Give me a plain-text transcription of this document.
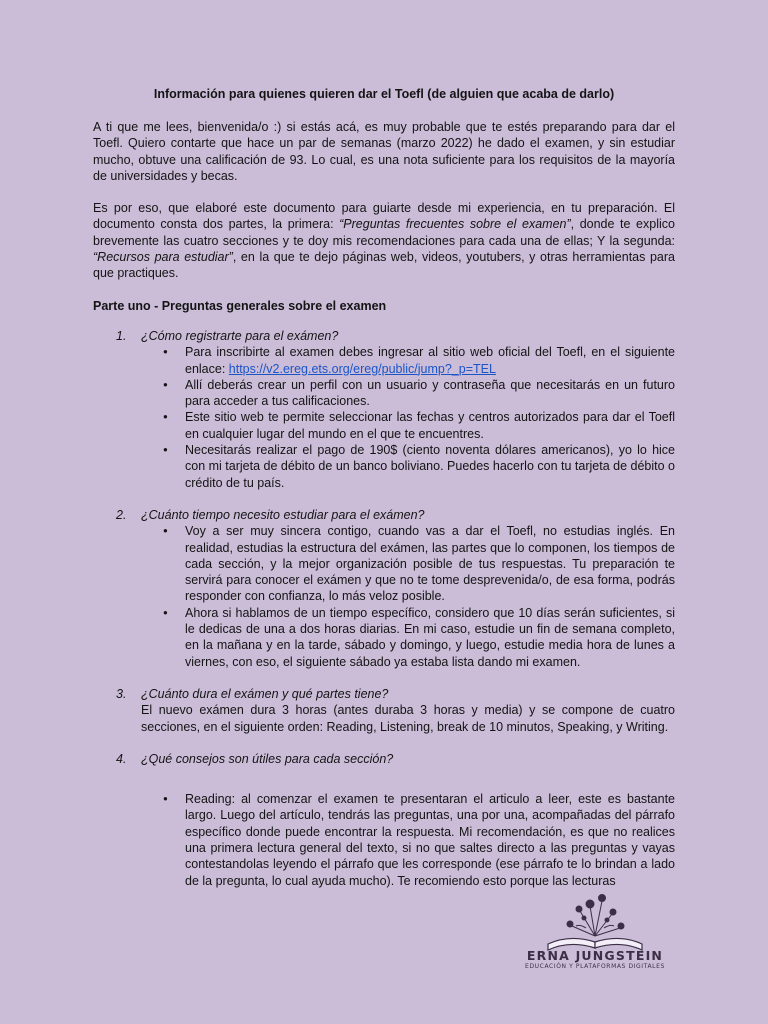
Información para quienes quieren dar el Toefl (de alguien que acaba de darlo)

A ti que me lees, bienvenida/o :) si estás acá, es muy probable que te estés preparando para dar el Toefl. Quiero contarte que hace un par de semanas (marzo 2022) he dado el examen, y sin estudiar mucho, obtuve una calificación de 93. Lo cual, es una nota suficiente para los requisitos de la mayoría de universidades y becas.

Es por eso, que elaboré este documento para guiarte desde mi experiencia, en tu preparación. El documento consta dos partes, la primera: “Preguntas frecuentes sobre el examen”, donde te explico brevemente las cuatro secciones y te doy mis recomendaciones para cada una de ellas; Y la segunda: “Recursos para estudiar”, en la que te dejo páginas web, videos, youtubers, y otras herramientas para que practiques.

Parte uno - Preguntas generales sobre el examen

1.	¿Cómo registrarte para el exámen?
● Para inscribirte al examen debes ingresar al sitio web oficial del Toefl, en el siguiente enlace: https://v2.ereg.ets.org/ereg/public/jump?_p=TEL
● Allí deberás crear un perfil con un usuario y contraseña que necesitarás en un futuro para acceder a tus calificaciones.
● Este sitio web te permite seleccionar las fechas y centros autorizados para dar el Toefl en cualquier lugar del mundo en el que te encuentres.
● Necesitarás realizar el pago de 190$ (ciento noventa dólares americanos), yo lo hice con mi tarjeta de débito de un banco boliviano. Puedes hacerlo con tu tarjeta de débito o crédito de tu país.
2.	¿Cuánto tiempo necesito estudiar para el exámen?
● Voy a ser muy sincera contigo, cuando vas a dar el Toefl, no estudias inglés. En realidad, estudias la estructura del exámen, las partes que lo componen, los tiempos de cada sección, y la mejor organización posible de tus respuestas. Tu preparación te servirá para conocer el exámen y que no te tome desprevenida/o, de esa forma, podrás responder con confianza, lo más veloz posible.
● Ahora si hablamos de un tiempo específico, considero que 10 días serán suficientes, si le dedicas de una a dos horas diarias. En mi caso, estudie un fin de semana completo, en la mañana y en la tarde, sábado y domingo, y luego, estudie media hora de lunes a viernes, con eso, el siguiente sábado ya estaba lista dando mi examen.
3.	¿Cuánto dura el exámen y qué partes tiene?
El nuevo exámen dura 3 horas (antes duraba 3 horas y media) y se compone de cuatro secciones, en el siguiente orden: Reading, Listening, break de 10 minutos, Speaking, y Writing.
4.	¿Qué consejos son útiles para cada sección?
● Reading: al comenzar el examen te presentaran el articulo a leer, este es bastante largo. Luego del artículo, tendrás las preguntas, una por una, acompañadas del párrafo específico donde puede encontrar la respuesta. Mi recomendación, es que no realices una primera lectura general del texto, si no que saltes directo a las preguntas y vayas contestandolas leyendo el párrafo que les corresponde (ese párrafo te lo brindan a lado de la pregunta, lo cual ayuda mucho). Te recomiendo esto porque las lecturas
ERNA JUNGSTEIN
EDUCACIÓN Y PLATAFORMAS DIGITALES
